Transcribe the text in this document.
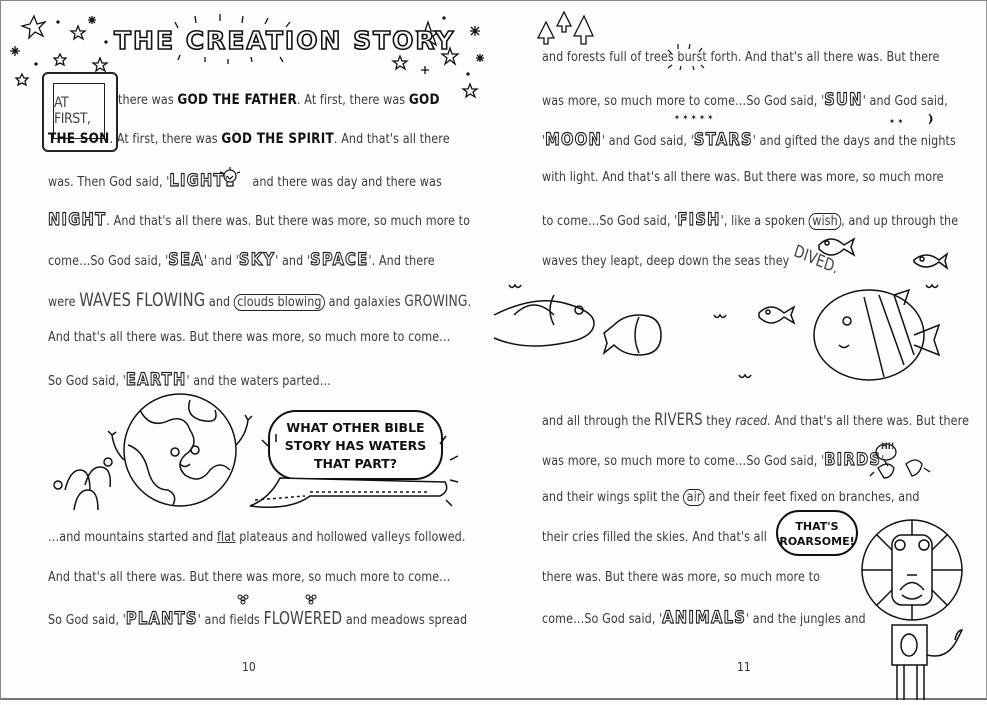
THE CREATION STORY
AT FIRST,
there was GOD THE FATHER. At first, there was GOD
THE SON. At first, there was GOD THE SPIRIT. And that's all there
was. Then God said, 'LIGHT'  and there was day and there was
NIGHT. And that's all there was. But there was more, so much more to
come…So God said, 'SEA' and 'SKY' and 'SPACE'. And there
were WAVES FLOWING and clouds blowing and galaxies GROWING.
And that's all there was. But there was more, so much more to come…
So God said, 'EARTH' and the waters parted…
WHAT OTHER BIBLE
STORY HAS WATERS
THAT PART?
…and mountains started and flat plateaus and hollowed valleys followed.
And that's all there was. But there was more, so much more to come…
So God said, 'PLANTS' and fields FLOWERED and meadows spread
10
and forests full of trees burst forth. And that's all there was. But there
was more, so much more to come…So God said, 'SUN' and God said,
✶ ✶ ✶ ✶ ✶	✶ ✶
'MOON' and God said, 'STARS' and gifted the days and the nights
with light. And that's all there was. But there was more, so much more
to come…So God said, 'FISH', like a spoken wish , and up through the
waves they leapt, deep down the seas they DIVED.
and all through the RIVERS they raced. And that's all there was. But there
was more, so much more to come…So God said, 'BIRDS'
HI!
and their wings split the air and their feet fixed on branches, and
their cries filled the skies. And that's all
there was. But there was more, so much more to
come…So God said, 'ANIMALS' and the jungles and
THAT'S
ROARSOME!
11
